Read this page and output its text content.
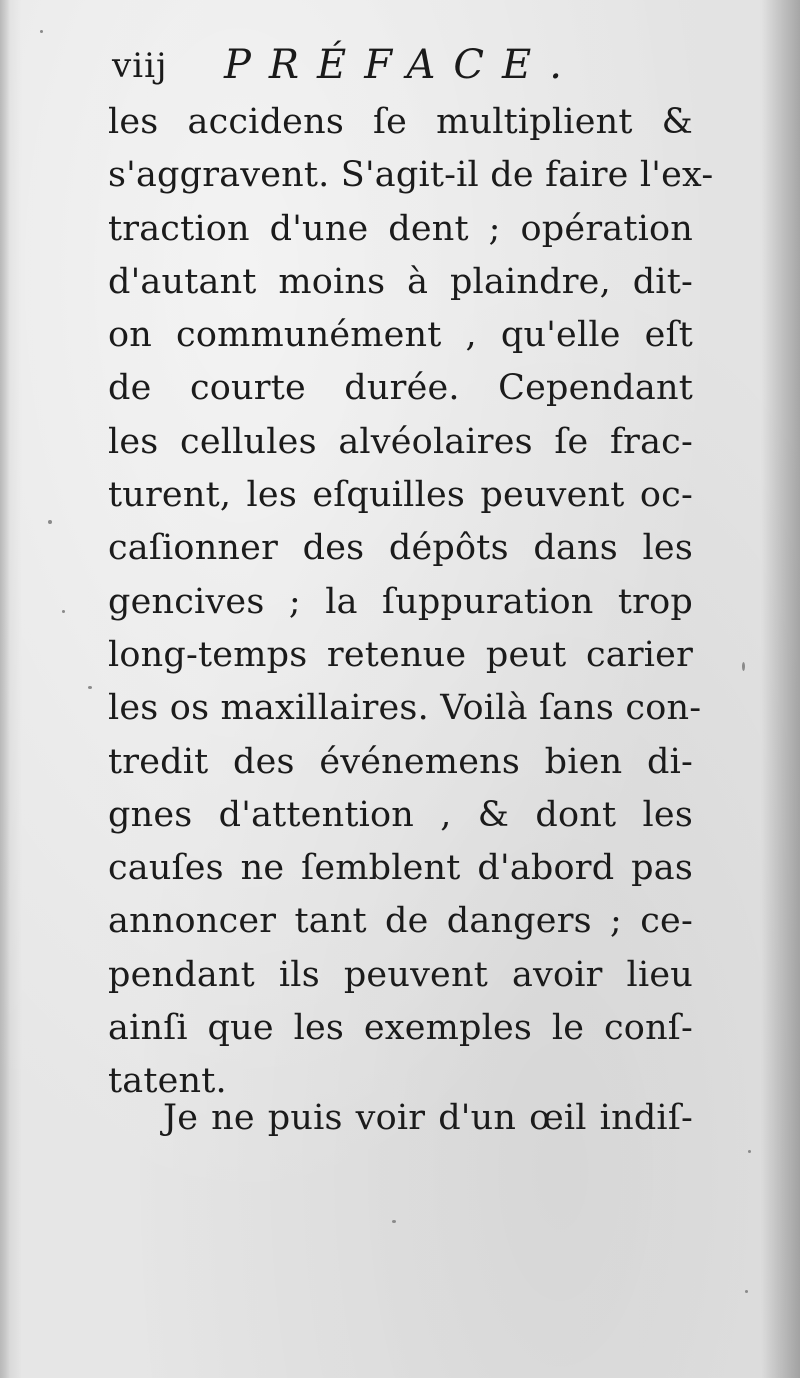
viij PRÉFACE.
les accidens ſe multiplient &
s'aggravent. S'agit-il de faire l'ex-
traction d'une dent ; opération
d'autant moins à plaindre, dit-
on communément , qu'elle eſt
de courte durée. Cependant
les cellules alvéolaires ſe frac-
turent, les eſquilles peuvent oc-
caſionner des dépôts dans les
gencives ; la ſuppuration trop
long-temps retenue peut carier
les os maxillaires. Voilà ſans con-
tredit des événemens bien di-
gnes d'attention , & dont les
cauſes ne ſemblent d'abord pas
annoncer tant de dangers ; ce-
pendant ils peuvent avoir lieu
ainſi que les exemples le conſ-
tatent.
Je ne puis voir d'un œil indiſ-
